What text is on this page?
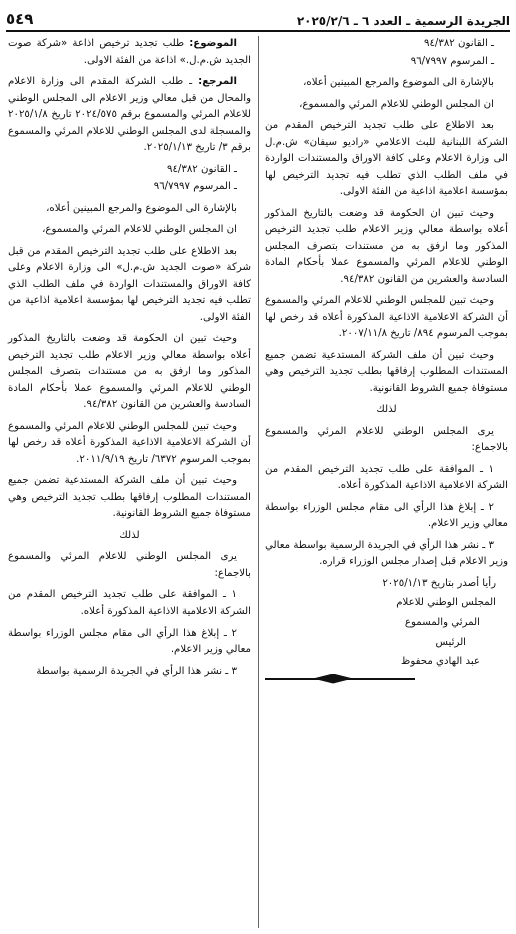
الجريدة الرسمية ـ العدد ٦ ـ ٢٠٢٥/٢/٦
٥٤٩

ـ القانون ٩٤/٣٨٢

ـ المرسوم ٩٦/٧٩٩٧

بالإشارة الى الموضوع والمرجع المبينين أعلاه،

ان المجلس الوطني للاعلام المرئي والمسموع،

بعد الاطلاع على طلب تجديد الترخيص المقدم من الشركة اللبنانية للبث الاعلامي «راديو سيفان» ش.م.ل الى وزارة الاعلام وعلى كافة الاوراق والمستندات الواردة في ملف الطلب الذي تطلب فيه تجديد الترخيص لها بمؤسسة اعلامية اذاعية من الفئة الاولى.

وحيث تبين ان الحكومة قد وضعت بالتاريخ المذكور أعلاه بواسطة معالي وزير الاعلام طلب تجديد الترخيص المذكور وما ارفق به من مستندات بتصرف المجلس الوطني للاعلام المرئي والمسموع عملا بأحكام المادة السادسة والعشرين من القانون ٩٤/٣٨٢.

وحيث تبين للمجلس الوطني للاعلام المرئي والمسموع أن الشركة الاعلامية الاذاعية المذكورة أعلاه قد رخص لها بموجب المرسوم ٨٩٤/ تاريخ ٢٠٠٧/١١/٨.

وحيث تبين أن ملف الشركة المستدعية تضمن جميع المستندات المطلوب إرفاقها بطلب تجديد الترخيص وهي مستوفاة جميع الشروط القانونية.

لذلك

يرى المجلس الوطني للاعلام المرئي والمسموع بالاجماع:

١ ـ الموافقة على طلب تجديد الترخيص المقدم من الشركة الاعلامية الاذاعية المذكورة أعلاه.

٢ ـ إبلاغ هذا الرأي الى مقام مجلس الوزراء بواسطة معالي وزير الاعلام.

٣ ـ نشر هذا الرأي في الجريدة الرسمية بواسطة معالي وزير الاعلام قبل إصدار مجلس الوزراء قراره.

رأيا أصدر بتاريخ ٢٠٢٥/١/١٣

المجلس الوطني للاعلام

المرئي والمسموع

الرئيس

عبد الهادي محفوظ

الموضوع: طلب تجديد ترخيص اذاعة «شركة صوت الجديد ش.م.ل.» اذاعة من الفئة الاولى.

المرجع: ـ طلب الشركة المقدم الى وزارة الاعلام والمحال من قبل معالي وزير الاعلام الى المجلس الوطني للاعلام المرئي والمسموع برقم ٢٠٢٤/٥٧٥ تاريخ ٢٠٢٥/١/٨ والمسجلة لدى المجلس الوطني للاعلام المرئي والمسموع برقم ٣/ تاريخ ٢٠٢٥/١/١٣.

ـ القانون ٩٤/٣٨٢

ـ المرسوم ٩٦/٧٩٩٧

بالإشارة الى الموضوع والمرجع المبينين أعلاه،

ان المجلس الوطني للاعلام المرئي والمسموع،

بعد الاطلاع على طلب تجديد الترخيص المقدم من قبل شركة «صوت الجديد ش.م.ل» الى وزارة الاعلام وعلى كافة الاوراق والمستندات الواردة في ملف الطلب الذي تطلب فيه تجديد الترخيص لها بمؤسسة اعلامية اذاعية من الفئة الاولى.

وحيث تبين ان الحكومة قد وضعت بالتاريخ المذكور أعلاه بواسطة معالي وزير الاعلام طلب تجديد الترخيص المذكور وما ارفق به من مستندات بتصرف المجلس الوطني للاعلام المرئي والمسموع عملا بأحكام المادة السادسة والعشرين من القانون ٩٤/٣٨٢.

وحيث تبين للمجلس الوطني للاعلام المرئي والمسموع أن الشركة الاعلامية الاذاعية المذكورة أعلاه قد رخص لها بموجب المرسوم ٦٣٧٢/ تاريخ ٢٠١١/٩/١٩.

وحيث تبين أن ملف الشركة المستدعية تضمن جميع المستندات المطلوب إرفاقها بطلب تجديد الترخيص وهي مستوفاة جميع الشروط القانونية.

لذلك

يرى المجلس الوطني للاعلام المرئي والمسموع بالاجماع:

١ ـ الموافقة على طلب تجديد الترخيص المقدم من الشركة الاعلامية الاذاعية المذكورة أعلاه.

٢ ـ إبلاغ هذا الرأي الى مقام مجلس الوزراء بواسطة معالي وزير الاعلام.

٣ ـ نشر هذا الرأي في الجريدة الرسمية بواسطة
